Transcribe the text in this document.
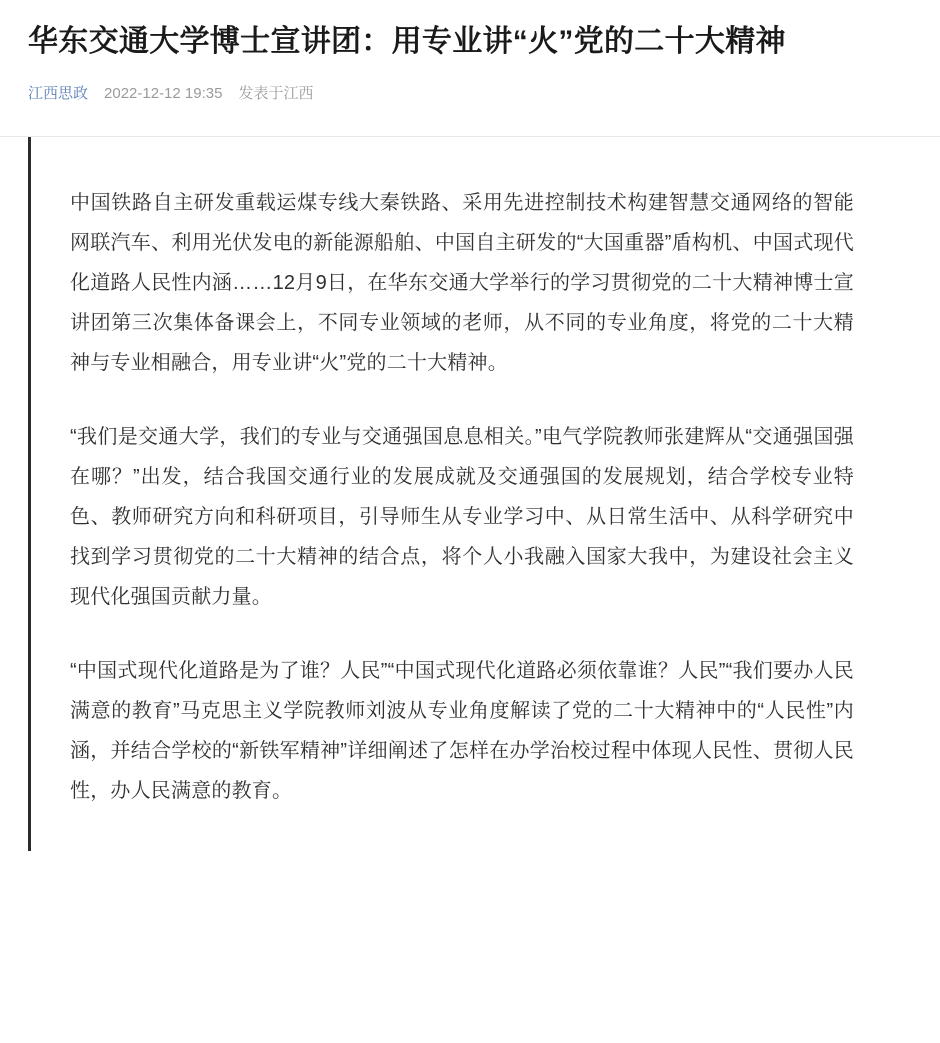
华东交通大学博士宣讲团：用专业讲“火”党的二十大精神
江西思政 2022-12-12 19:35 发表于江西

中国铁路自主研发重载运煤专线大秦铁路、采用先进控制技术构建智慧交通网络的智能网联汽车、利用光伏发电的新能源船舶、中国自主研发的“大国重器”盾构机、中国式现代化道路人民性内涵……12月9日，在华东交通大学举行的学习贯彻党的二十大精神博士宣讲团第三次集体备课会上，不同专业领域的老师，从不同的专业角度，将党的二十大精神与专业相融合，用专业讲“火”党的二十大精神。

“我们是交通大学，我们的专业与交通强国息息相关。”电气学院教师张建辉从“交通强国强在哪？”出发，结合我国交通行业的发展成就及交通强国的发展规划，结合学校专业特色、教师研究方向和科研项目，引导师生从专业学习中、从日常生活中、从科学研究中找到学习贯彻党的二十大精神的结合点，将个人小我融入国家大我中，为建设社会主义现代化强国贡献力量。

“中国式现代化道路是为了谁？人民”“中国式现代化道路必须依靠谁？人民”“我们要办人民满意的教育”马克思主义学院教师刘波从专业角度解读了党的二十大精神中的“人民性”内涵，并结合学校的“新铁军精神”详细阐述了怎样在办学治校过程中体现人民性、贯彻人民性，办人民满意的教育。
